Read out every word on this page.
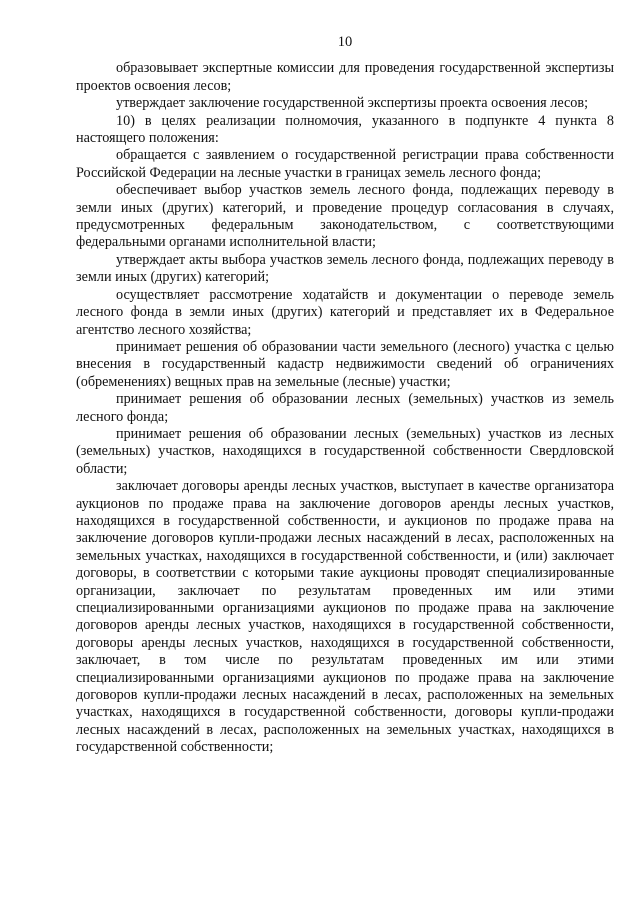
10

образовывает экспертные комиссии для проведения государственной экспертизы проектов освоения лесов;

утверждает заключение государственной экспертизы проекта освоения лесов;

10) в целях реализации полномочия, указанного в подпункте 4 пункта 8 настоящего положения:

обращается с заявлением о государственной регистрации права собственности Российской Федерации на лесные участки в границах земель лесного фонда;

обеспечивает выбор участков земель лесного фонда, подлежащих переводу в земли иных (других) категорий, и проведение процедур согласования в случаях, предусмотренных федеральным законодательством, с соответствующими федеральными органами исполнительной власти;

утверждает акты выбора участков земель лесного фонда, подлежащих переводу в земли иных (других) категорий;

осуществляет рассмотрение ходатайств и документации о переводе земель лесного фонда в земли иных (других) категорий и представляет их в Федеральное агентство лесного хозяйства;

принимает решения об образовании части земельного (лесного) участка с целью внесения в государственный кадастр недвижимости сведений об ограничениях (обременениях) вещных прав на земельные (лесные) участки;

принимает решения об образовании лесных (земельных) участков из земель лесного фонда;

принимает решения об образовании лесных (земельных) участков из лесных (земельных) участков, находящихся в государственной собственности Свердловской области;

заключает договоры аренды лесных участков, выступает в качестве организатора аукционов по продаже права на заключение договоров аренды лесных участков, находящихся в государственной собственности, и аукционов по продаже права на заключение договоров купли-продажи лесных насаждений в лесах, расположенных на земельных участках, находящихся в государственной собственности, и (или) заключает договоры, в соответствии с которыми такие аукционы проводят специализированные организации, заключает по результатам проведенных им или этими специализированными организациями аукционов по продаже права на заключение договоров аренды лесных участков, находящихся в государственной собственности, договоры аренды лесных участков, находящихся в государственной собственности, заключает, в том числе по результатам проведенных им или этими специализированными организациями аукционов по продаже права на заключение договоров купли-продажи лесных насаждений в лесах, расположенных на земельных участках, находящихся в государственной собственности, договоры купли-продажи лесных насаждений в лесах, расположенных на земельных участках, находящихся в государственной собственности;
